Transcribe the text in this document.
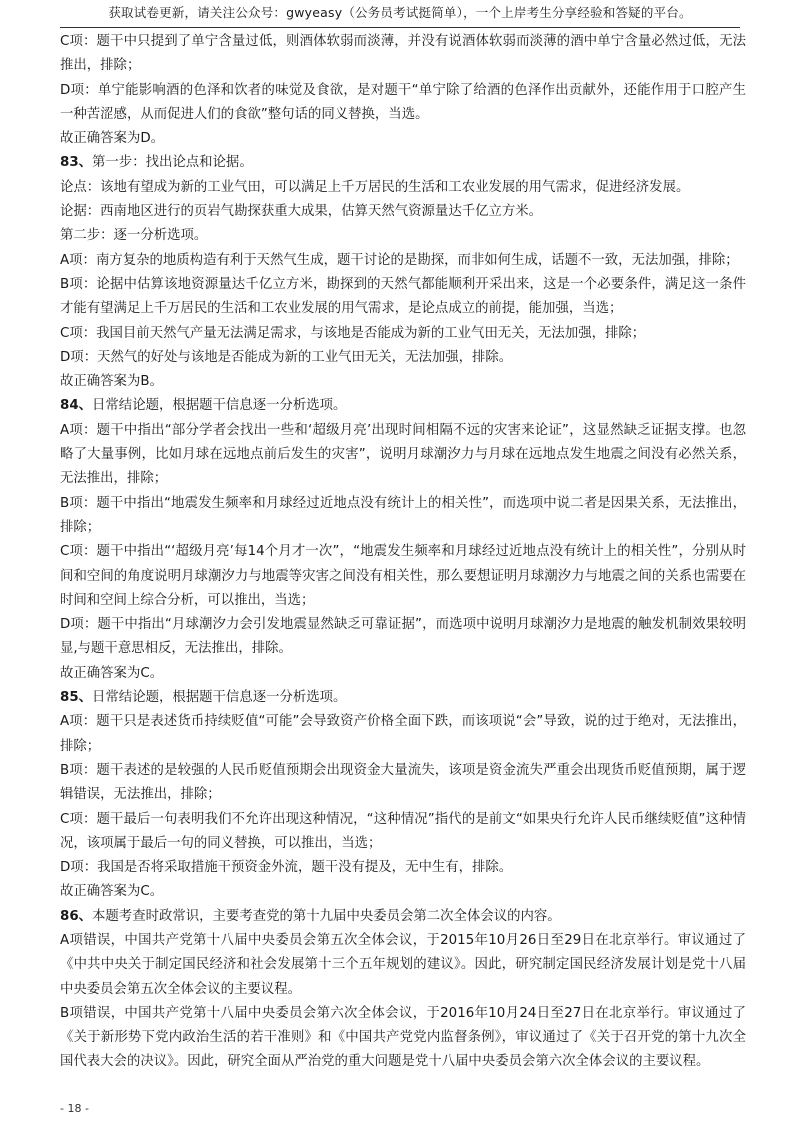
获取试卷更新，请关注公众号：gwyeasy（公务员考试挺简单），一个上岸考生分享经验和答疑的平台。

C项：题干中只提到了单宁含量过低，则酒体软弱而淡薄，并没有说酒体软弱而淡薄的酒中单宁含量必然过低，无法推出，排除；

D项：单宁能影响酒的色泽和饮者的味觉及食欲，是对题干“单宁除了给酒的色泽作出贡献外，还能作用于口腔产生一种苦涩感，从而促进人们的食欲”整句话的同义替换，当选。

故正确答案为D。

83、第一步：找出论点和论据。

论点：该地有望成为新的工业气田，可以满足上千万居民的生活和工农业发展的用气需求，促进经济发展。

论据：西南地区进行的页岩气勘探获重大成果，估算天然气资源量达千亿立方米。

第二步：逐一分析选项。

A项：南方复杂的地质构造有利于天然气生成，题干讨论的是勘探，而非如何生成，话题不一致，无法加强，排除；

B项：论据中估算该地资源量达千亿立方米，勘探到的天然气都能顺利开采出来，这是一个必要条件，满足这一条件才能有望满足上千万居民的生活和工农业发展的用气需求，是论点成立的前提，能加强，当选；

C项：我国目前天然气产量无法满足需求，与该地是否能成为新的工业气田无关，无法加强，排除；

D项：天然气的好处与该地是否能成为新的工业气田无关，无法加强，排除。

故正确答案为B。

84、日常结论题，根据题干信息逐一分析选项。

A项：题干中指出“部分学者会找出一些和‘超级月亮’出现时间相隔不远的灾害来论证”，这显然缺乏证据支撑。也忽略了大量事例，比如月球在远地点前后发生的灾害”，说明月球潮汐力与月球在远地点发生地震之间没有必然关系，无法推出，排除；

B项：题干中指出“地震发生频率和月球经过近地点没有统计上的相关性”，而选项中说二者是因果关系，无法推出，排除；

C项：题干中指出“‘超级月亮’每14个月才一次”，“地震发生频率和月球经过近地点没有统计上的相关性”，分别从时间和空间的角度说明月球潮汐力与地震等灾害之间没有相关性，那么要想证明月球潮汐力与地震之间的关系也需要在时间和空间上综合分析，可以推出，当选；

D项：题干中指出“月球潮汐力会引发地震显然缺乏可靠证据”，而选项中说明月球潮汐力是地震的触发机制效果较明显,与题干意思相反，无法推出，排除。

故正确答案为C。

85、日常结论题，根据题干信息逐一分析选项。

A项：题干只是表述货币持续贬值“可能”会导致资产价格全面下跌，而该项说“会”导致，说的过于绝对，无法推出，排除；

B项：题干表述的是较强的人民币贬值预期会出现资金大量流失，该项是资金流失严重会出现货币贬值预期，属于逻辑错误，无法推出，排除；

C项：题干最后一句表明我们不允许出现这种情况，“这种情况”指代的是前文“如果央行允许人民币继续贬值”这种情况，该项属于最后一句的同义替换，可以推出，当选；

D项：我国是否将采取措施干预资金外流，题干没有提及，无中生有，排除。

故正确答案为C。

86、本题考查时政常识，主要考查党的第十九届中央委员会第二次全体会议的内容。

A项错误，中国共产党第十八届中央委员会第五次全体会议，于2015年10月26日至29日在北京举行。审议通过了《中共中央关于制定国民经济和社会发展第十三个五年规划的建议》。因此，研究制定国民经济发展计划是党十八届中央委员会第五次全体会议的主要议程。

B项错误，中国共产党第十八届中央委员会第六次全体会议，于2016年10月24日至27日在北京举行。审议通过了《关于新形势下党内政治生活的若干准则》和《中国共产党党内监督条例》，审议通过了《关于召开党的第十九次全国代表大会的决议》。因此，研究全面从严治党的重大问题是党十八届中央委员会第六次全体会议的主要议程。

- 18 -
